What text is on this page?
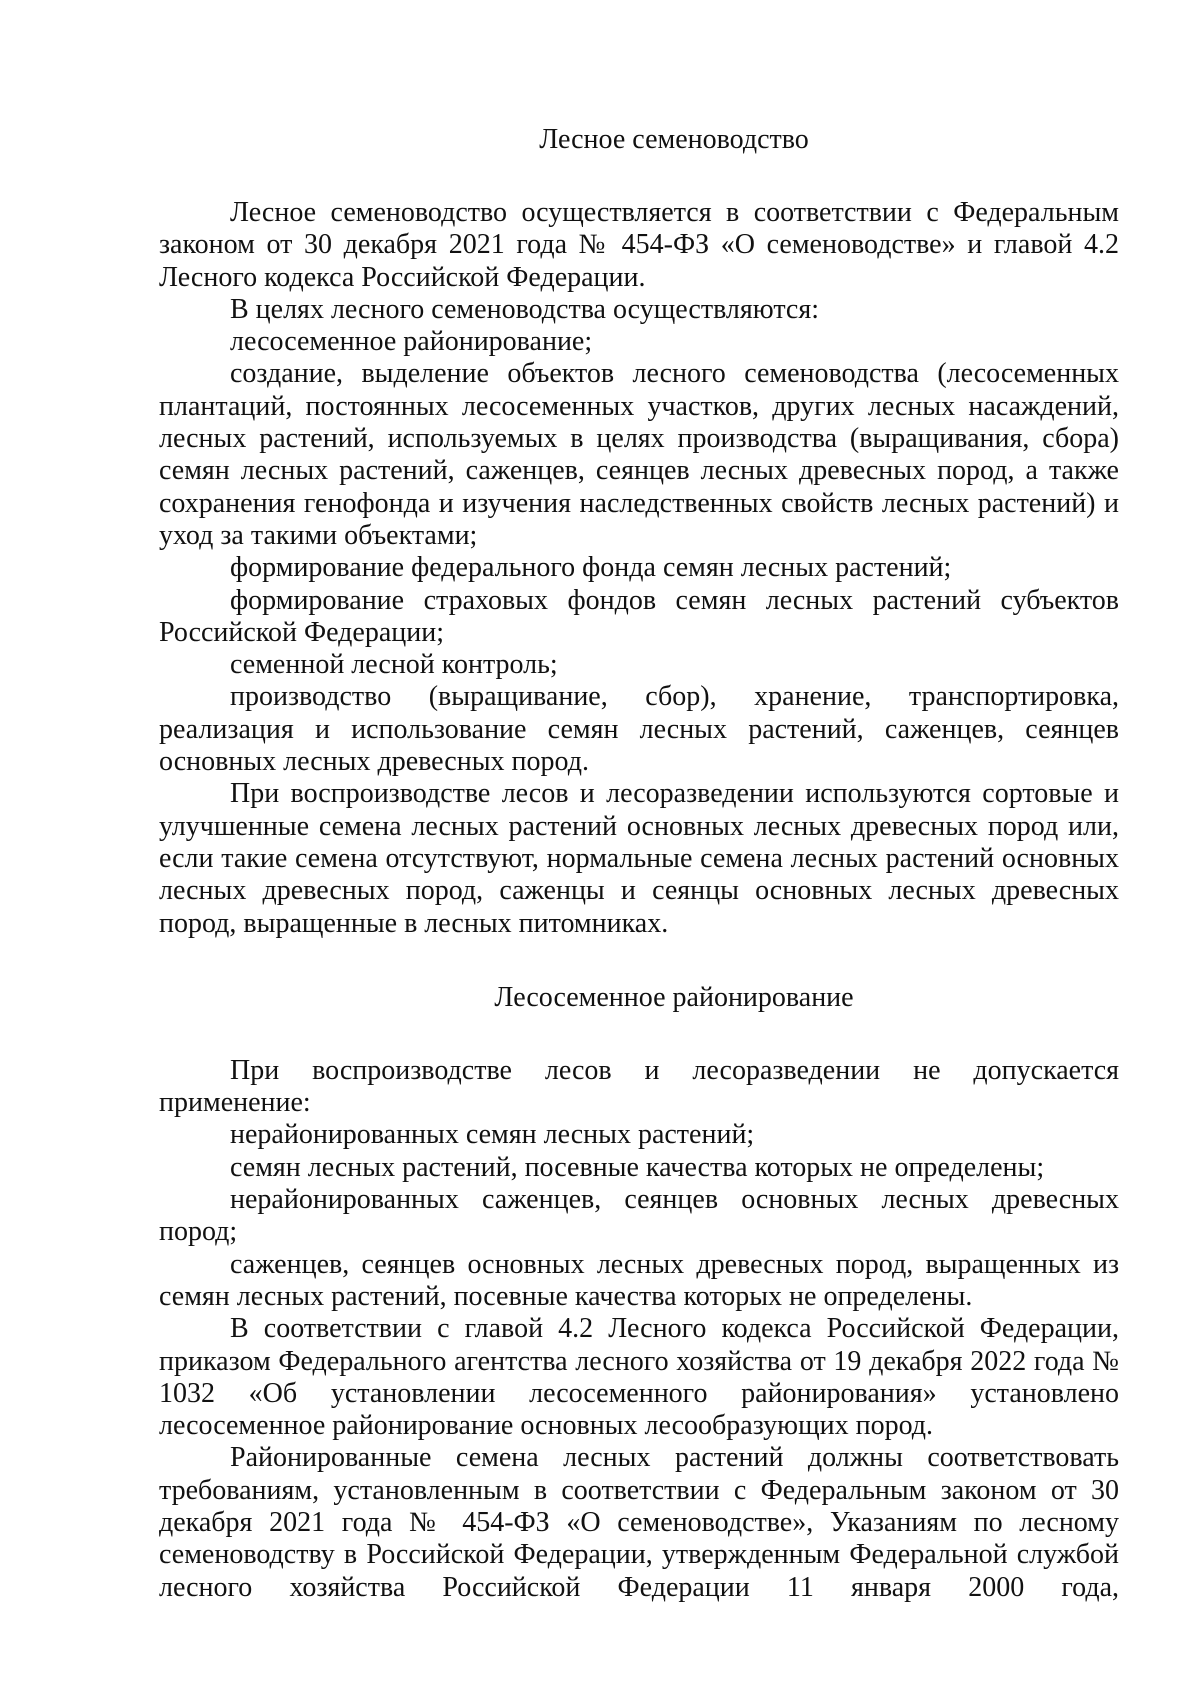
Лесное семеноводство

Лесное семеноводство осуществляется в соответствии с Федеральным законом от 30 декабря 2021 года № 454-ФЗ «О семеноводстве» и главой 4.2 Лесного кодекса Российской Федерации.

В целях лесного семеноводства осуществляются:

лесосеменное районирование;

создание, выделение объектов лесного семеноводства (лесосеменных плантаций, постоянных лесосеменных участков, других лесных насаждений, лесных растений, используемых в целях производства (выращивания, сбора) семян лесных растений, саженцев, сеянцев лесных древесных пород, а также сохранения генофонда и изучения наследственных свойств лесных растений) и уход за такими объектами;

формирование федерального фонда семян лесных растений;

формирование страховых фондов семян лесных растений субъектов Российской Федерации;

семенной лесной контроль;

производство (выращивание, сбор), хранение, транспортировка, реализация и использование семян лесных растений, саженцев, сеянцев основных лесных древесных пород.

При воспроизводстве лесов и лесоразведении используются сортовые и улучшенные семена лесных растений основных лесных древесных пород или, если такие семена отсутствуют, нормальные семена лесных растений основных лесных древесных пород, саженцы и сеянцы основных лесных древесных пород, выращенные в лесных питомниках.

Лесосеменное районирование

При воспроизводстве лесов и лесоразведении не допускается применение:

нерайонированных семян лесных растений;

семян лесных растений, посевные качества которых не определены;

нерайонированных саженцев, сеянцев основных лесных древесных пород;

саженцев, сеянцев основных лесных древесных пород, выращенных из семян лесных растений, посевные качества которых не определены.

В соответствии с главой 4.2 Лесного кодекса Российской Федерации, приказом Федерального агентства лесного хозяйства от 19 декабря 2022 года № 1032 «Об установлении лесосеменного районирования» установлено лесосеменное районирование основных лесообразующих пород.

Районированные семена лесных растений должны соответствовать требованиям, установленным в соответствии с Федеральным законом от 30 декабря 2021 года № 454-ФЗ «О семеноводстве», Указаниям по лесному семеноводству в Российской Федерации, утвержденным Федеральной службой лесного хозяйства Российской Федерации 11 января 2000 года,
